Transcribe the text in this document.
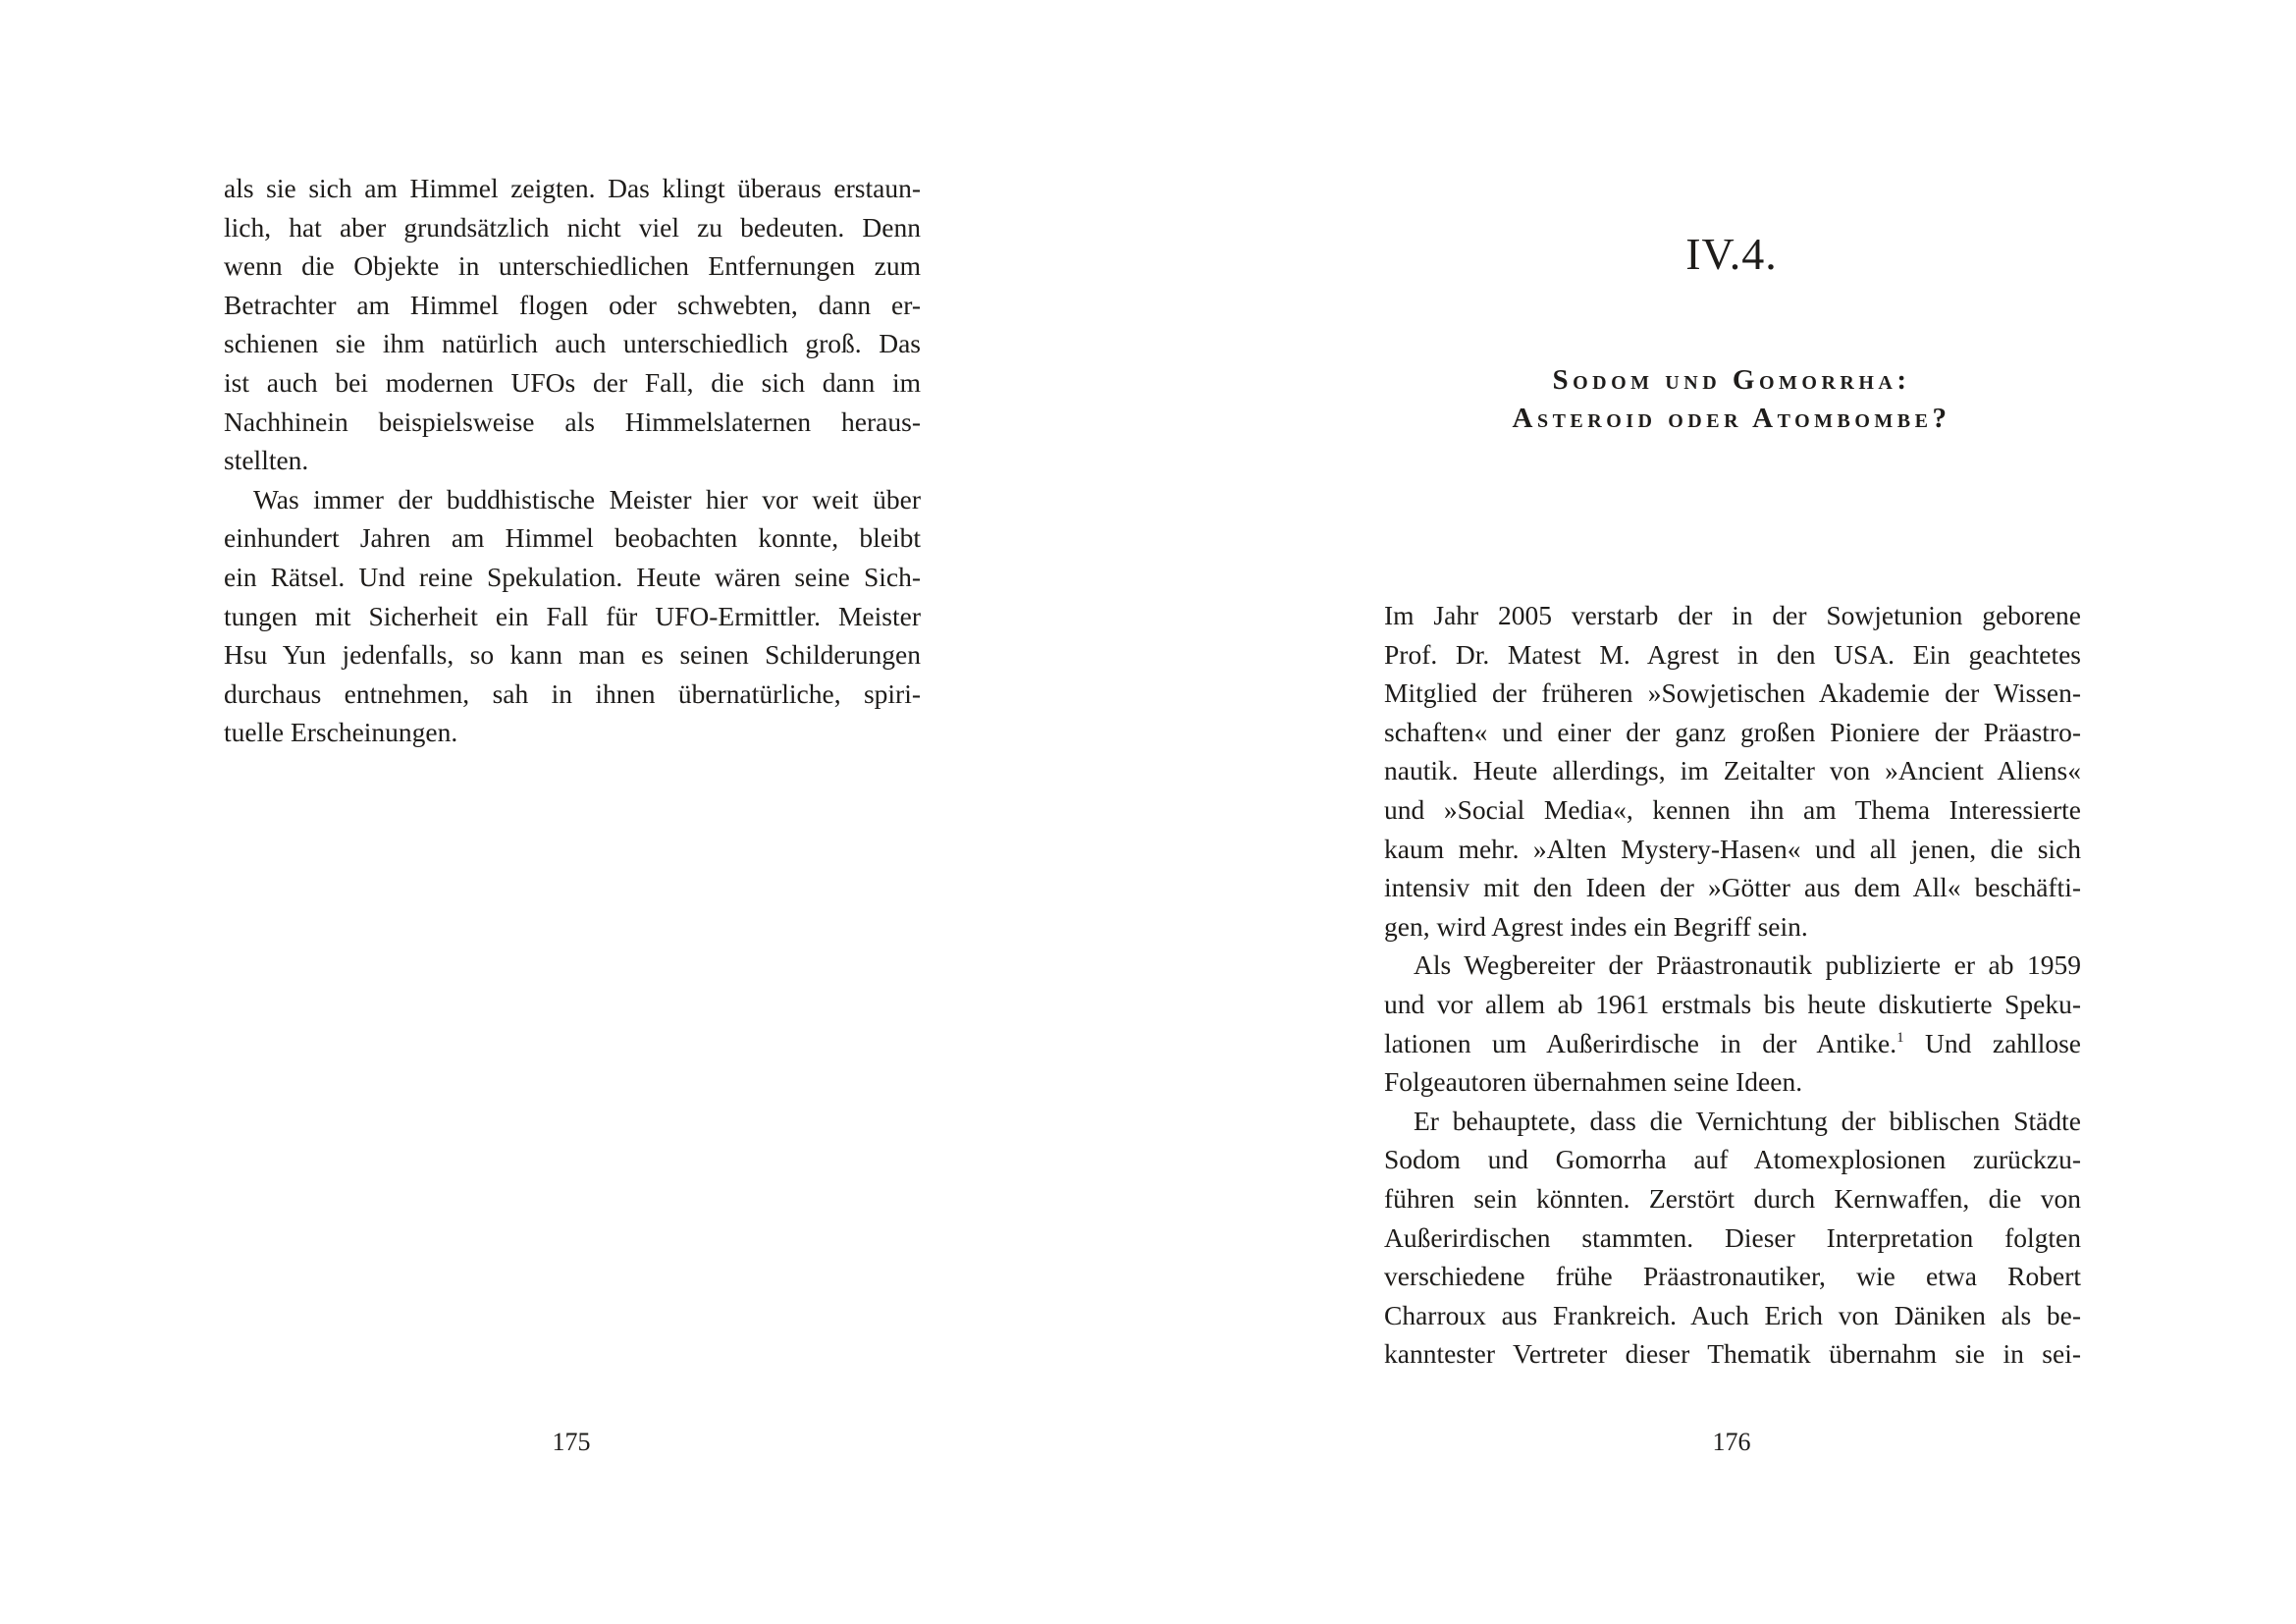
als sie sich am Himmel zeigten. Das klingt überaus erstaun-
lich, hat aber grundsätzlich nicht viel zu bedeuten. Denn
wenn die Objekte in unterschiedlichen Entfernungen zum
Betrachter am Himmel flogen oder schwebten, dann er-
schienen sie ihm natürlich auch unterschiedlich groß. Das
ist auch bei modernen UFOs der Fall, die sich dann im
Nachhinein beispielsweise als Himmelslaternen heraus-
stellten.
Was immer der buddhistische Meister hier vor weit über
einhundert Jahren am Himmel beobachten konnte, bleibt
ein Rätsel. Und reine Spekulation. Heute wären seine Sich-
tungen mit Sicherheit ein Fall für UFO-Ermittler. Meister
Hsu Yun jedenfalls, so kann man es seinen Schilderungen
durchaus entnehmen, sah in ihnen übernatürliche, spiri-
tuelle Erscheinungen.
175
IV.4.
Sodom und Gomorrha:
Asteroid oder Atombombe?
Im Jahr 2005 verstarb der in der Sowjetunion geborene
Prof. Dr. Matest M. Agrest in den USA. Ein geachtetes
Mitglied der früheren »Sowjetischen Akademie der Wissen-
schaften« und einer der ganz großen Pioniere der Präastro-
nautik. Heute allerdings, im Zeitalter von »Ancient Aliens«
und »Social Media«, kennen ihn am Thema Interessierte
kaum mehr. »Alten Mystery-Hasen« und all jenen, die sich
intensiv mit den Ideen der »Götter aus dem All« beschäfti-
gen, wird Agrest indes ein Begriff sein.
Als Wegbereiter der Präastronautik publizierte er ab 1959
und vor allem ab 1961 erstmals bis heute diskutierte Speku-
lationen um Außerirdische in der Antike.$^1$ Und zahllose
Folgeautoren übernahmen seine Ideen.
Er behauptete, dass die Vernichtung der biblischen Städte
Sodom und Gomorrha auf Atomexplosionen zurückzu-
führen sein könnten. Zerstört durch Kernwaffen, die von
Außerirdischen stammten. Dieser Interpretation folgten
verschiedene frühe Präastronautiker, wie etwa Robert
Charroux aus Frankreich. Auch Erich von Däniken als be-
kanntester Vertreter dieser Thematik übernahm sie in sei-
176
